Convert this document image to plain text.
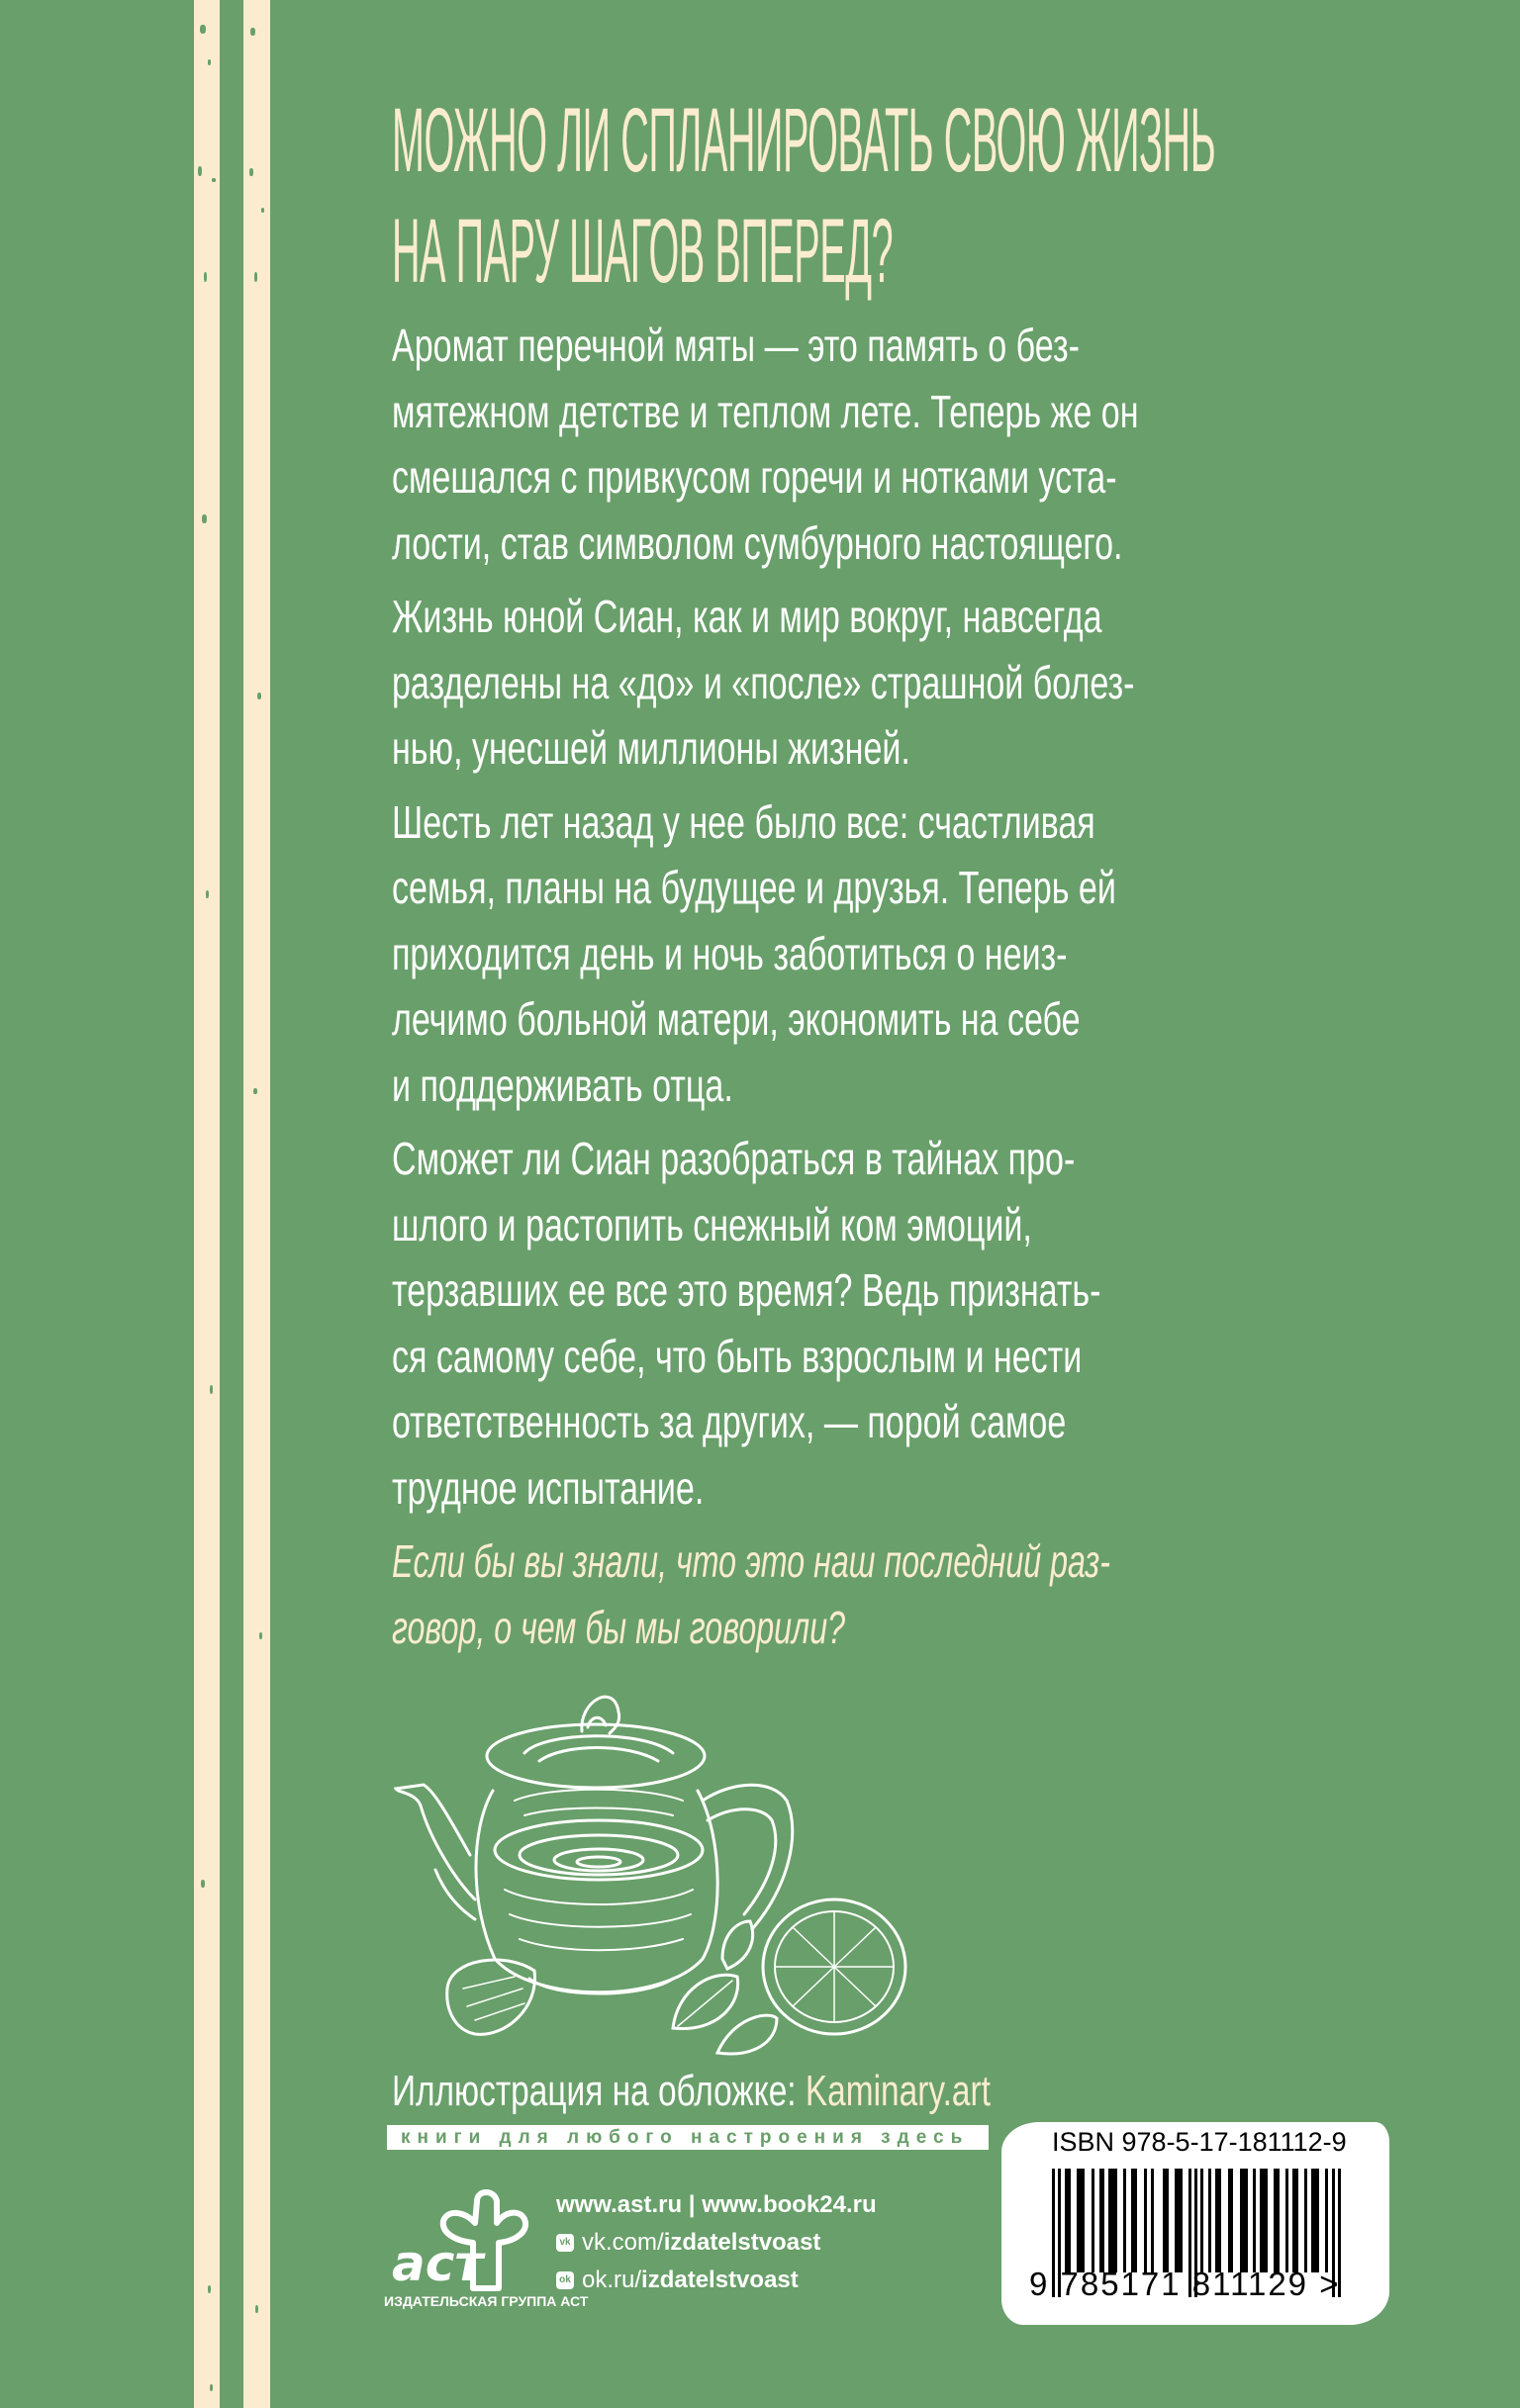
МОЖНО ЛИ СПЛАНИРОВАТЬ СВОЮ ЖИЗНЬ
НА ПАРУ ШАГОВ ВПЕРЕД?
Аромат перечной мяты — это память о без-
мятежном детстве и теплом лете. Теперь же он
смешался с привкусом горечи и нотками уста-
лости, став символом сумбурного настоящего.
Жизнь юной Сиан, как и мир вокруг, навсегда
разделены на «до» и «после» страшной болез-
нью, унесшей миллионы жизней.
Шесть лет назад у нее было все: счастливая
семья, планы на будущее и друзья. Теперь ей
приходится день и ночь заботиться о неиз-
лечимо больной матери, экономить на себе
и поддерживать отца.
Сможет ли Сиан разобраться в тайнах про-
шлого и растопить снежный ком эмоций,
терзавших ее все это время? Ведь признать-
ся самому себе, что быть взрослым и нести
ответственность за других, — порой самое
трудное испытание.
Если бы вы знали, что это наш последний раз-
говор, о чем бы мы говорили?
Иллюстрация на обложке: Kaminary.art
книги для любого настроения здесь
аст
ИЗДАТЕЛЬСКАЯ ГРУППА АСТ
www.ast.ru | www.book24.ru
vk vk.com/izdatelstvoast
ok ok.ru/izdatelstvoast
ISBN 978-5-17-181112-9
9 785171 811129 >
